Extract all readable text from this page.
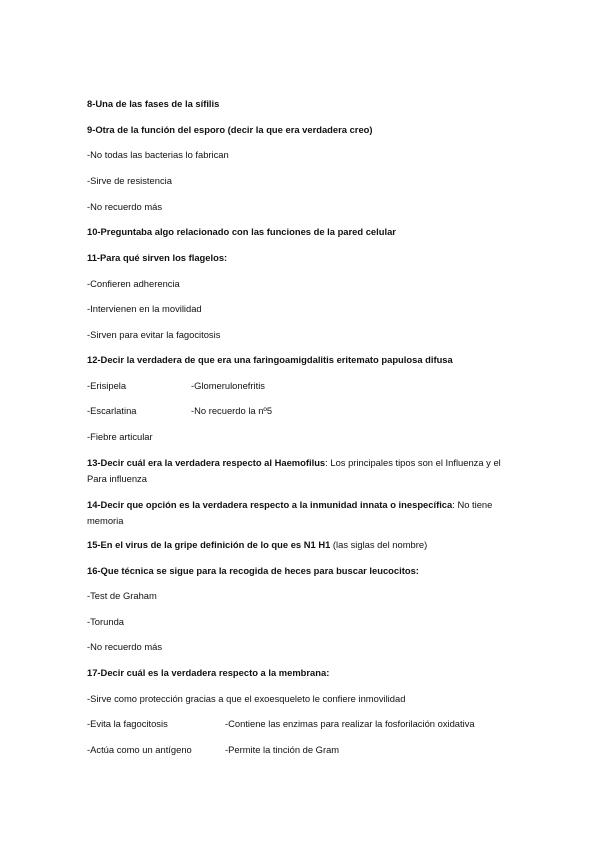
8-Una de las fases de la sífilis
9-Otra de la función del esporo (decir la que era verdadera creo)
-No todas las bacterias lo fabrican
-Sirve de resistencia
-No recuerdo más
10-Preguntaba algo relacionado con las funciones de la pared celular
11-Para qué sirven los flagelos:
-Confieren adherencia
-Intervienen en la movilidad
-Sirven para evitar la fagocitosis
12-Decir la verdadera de que era una faringoamigdalitis eritemato papulosa difusa
-Erisipela	-Glomerulonefritis
-Escarlatina	-No recuerdo la nº5
-Fiebre articular
13-Decir cuál era la verdadera respecto al Haemofilus: Los principales tipos son el Influenza y el Para influenza
14-Decir que opción es la verdadera respecto a la inmunidad innata o inespecífica: No tiene memoria
15-En el virus de la gripe definición de lo que es N1 H1 (las siglas del nombre)
16-Que técnica se sigue para la recogida de heces para buscar leucocitos:
-Test de Graham
-Torunda
-No recuerdo más
17-Decir cuál es la verdadera respecto a la membrana:
-Sirve como protección gracias a que el exoesqueleto le confiere inmovilidad
-Evita la fagocitosis	-Contiene las enzimas para realizar la fosforilación oxidativa
-Actúa como un antígeno	-Permite la tinción de Gram
